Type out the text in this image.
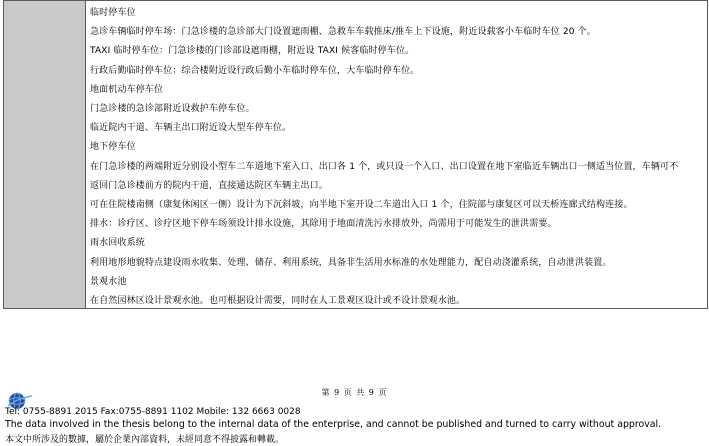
临时停车位
急诊车辆临时停车场：门急诊楼的急诊部大门设置遮雨棚、急救车车载推床/推车上下设施，附近设载客小车临时车位 20 个。
TAXI 临时停车位：门急诊楼的门诊部设遮雨棚，附近设 TAXI 候客临时停车位。
行政后勤临时停车位：综合楼附近设行政后勤小车临时停车位，大车临时停车位。
地面机动车停车位
门急诊楼的急诊部附近设救护车停车位。
临近院内干道、车辆主出口附近设大型车停车位。
地下停车位
在门急诊楼的两端附近分别设小型车二车道地下室入口、出口各 1 个，或只设一个入口、出口设置在地下室临近车辆出口一侧适当位置，车辆可不
返回门急诊楼前方的院内干道，直接通达院区车辆主出口。
可在住院楼南侧（康复休闲区一侧）设计为下沉斜坡，向半地下室开设二车道出入口 1 个，住院部与康复区可以天桥连廊式结构连接。
排水：诊疗区、诊疗区地下停车场须设计排水设施，其除用于地面清洗污水排放外，尚需用于可能发生的泄洪需要。
雨水回收系统
利用地形地貌特点建设雨水收集、处理、储存、利用系统，具备非生活用水标准的水处理能力，配自动浇灌系统，自动泄洪装置。
景观水池
在自然园林区设计景观水池。也可根据设计需要，同时在人工景观区设计或不设计景观水池。
第 9 页 共 9 页
Tel: 0755-8891 2015 Fax:0755-8891 1102 Mobile: 132 6663 0028
The data involved in the thesis belong to the internal data of the enterprise, and cannot be published and turned to carry without approval.
本文中所涉及的數據，屬於企業內部資料，未經同意不得披露和轉載。
